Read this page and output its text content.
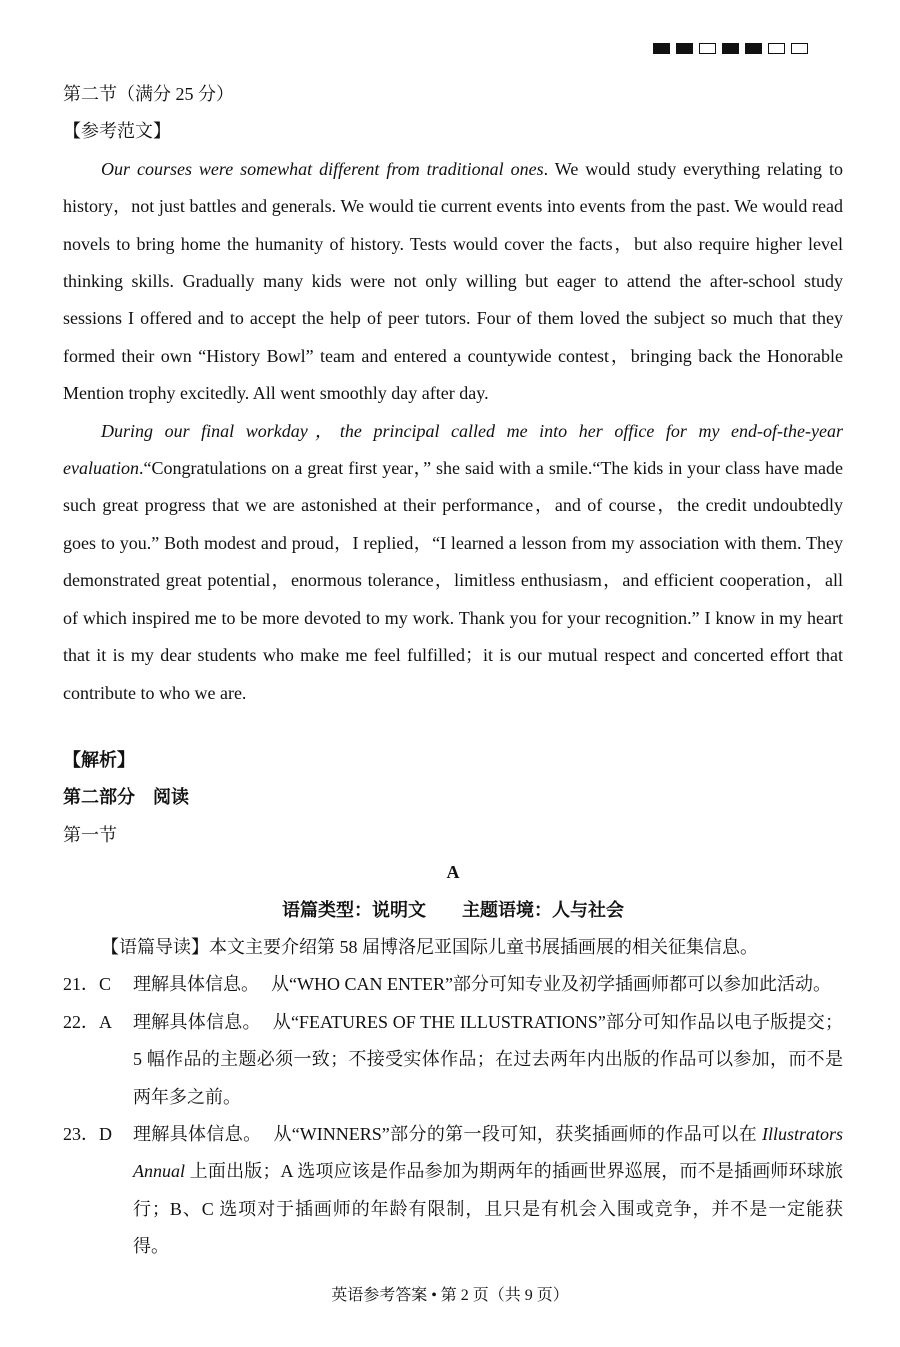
第二节（满分 25 分）

【参考范文】

Our courses were somewhat different from traditional ones. We would study everything relating to history，not just battles and generals. We would tie current events into events from the past. We would read novels to bring home the humanity of history. Tests would cover the facts，but also require higher level thinking skills. Gradually many kids were not only willing but eager to attend the after-school study sessions I offered and to accept the help of peer tutors. Four of them loved the subject so much that they formed their own “History Bowl” team and entered a countywide contest，bringing back the Honorable Mention trophy excitedly. All went smoothly day after day.

During our final workday，the principal called me into her office for my end-of-the-year evaluation.“Congratulations on a great first year，” she said with a smile.“The kids in your class have made such great progress that we are astonished at their performance，and of course，the credit undoubtedly goes to you.” Both modest and proud，I replied，“I learned a lesson from my association with them. They demonstrated great potential，enormous tolerance，limitless enthusiasm，and efficient cooperation，all of which inspired me to be more devoted to my work. Thank you for your recognition.” I know in my heart that it is my dear students who make me feel fulfilled；it is our mutual respect and concerted effort that contribute to who we are.

【解析】

第二部分　阅读

第一节

A

语篇类型：说明文　　主题语境：人与社会

【语篇导读】本文主要介绍第 58 届博洛尼亚国际儿童书展插画展的相关征集信息。

21．C	理解具体信息。 从“WHO CAN ENTER”部分可知专业及初学插画师都可以参加此活动。
22．A	理解具体信息。 从“FEATURES OF THE ILLUSTRATIONS”部分可知作品以电子版提交；5 幅作品的主题必须一致；不接受实体作品；在过去两年内出版的作品可以参加，而不是两年多之前。
23．D	理解具体信息。 从“WINNERS”部分的第一段可知，获奖插画师的作品可以在 Illustrators Annual 上面出版；A 选项应该是作品参加为期两年的插画世界巡展，而不是插画师环球旅行；B、C 选项对于插画师的年龄有限制，且只是有机会入围或竞争，并不是一定能获得。
英语参考答案 • 第 2 页（共 9 页）
